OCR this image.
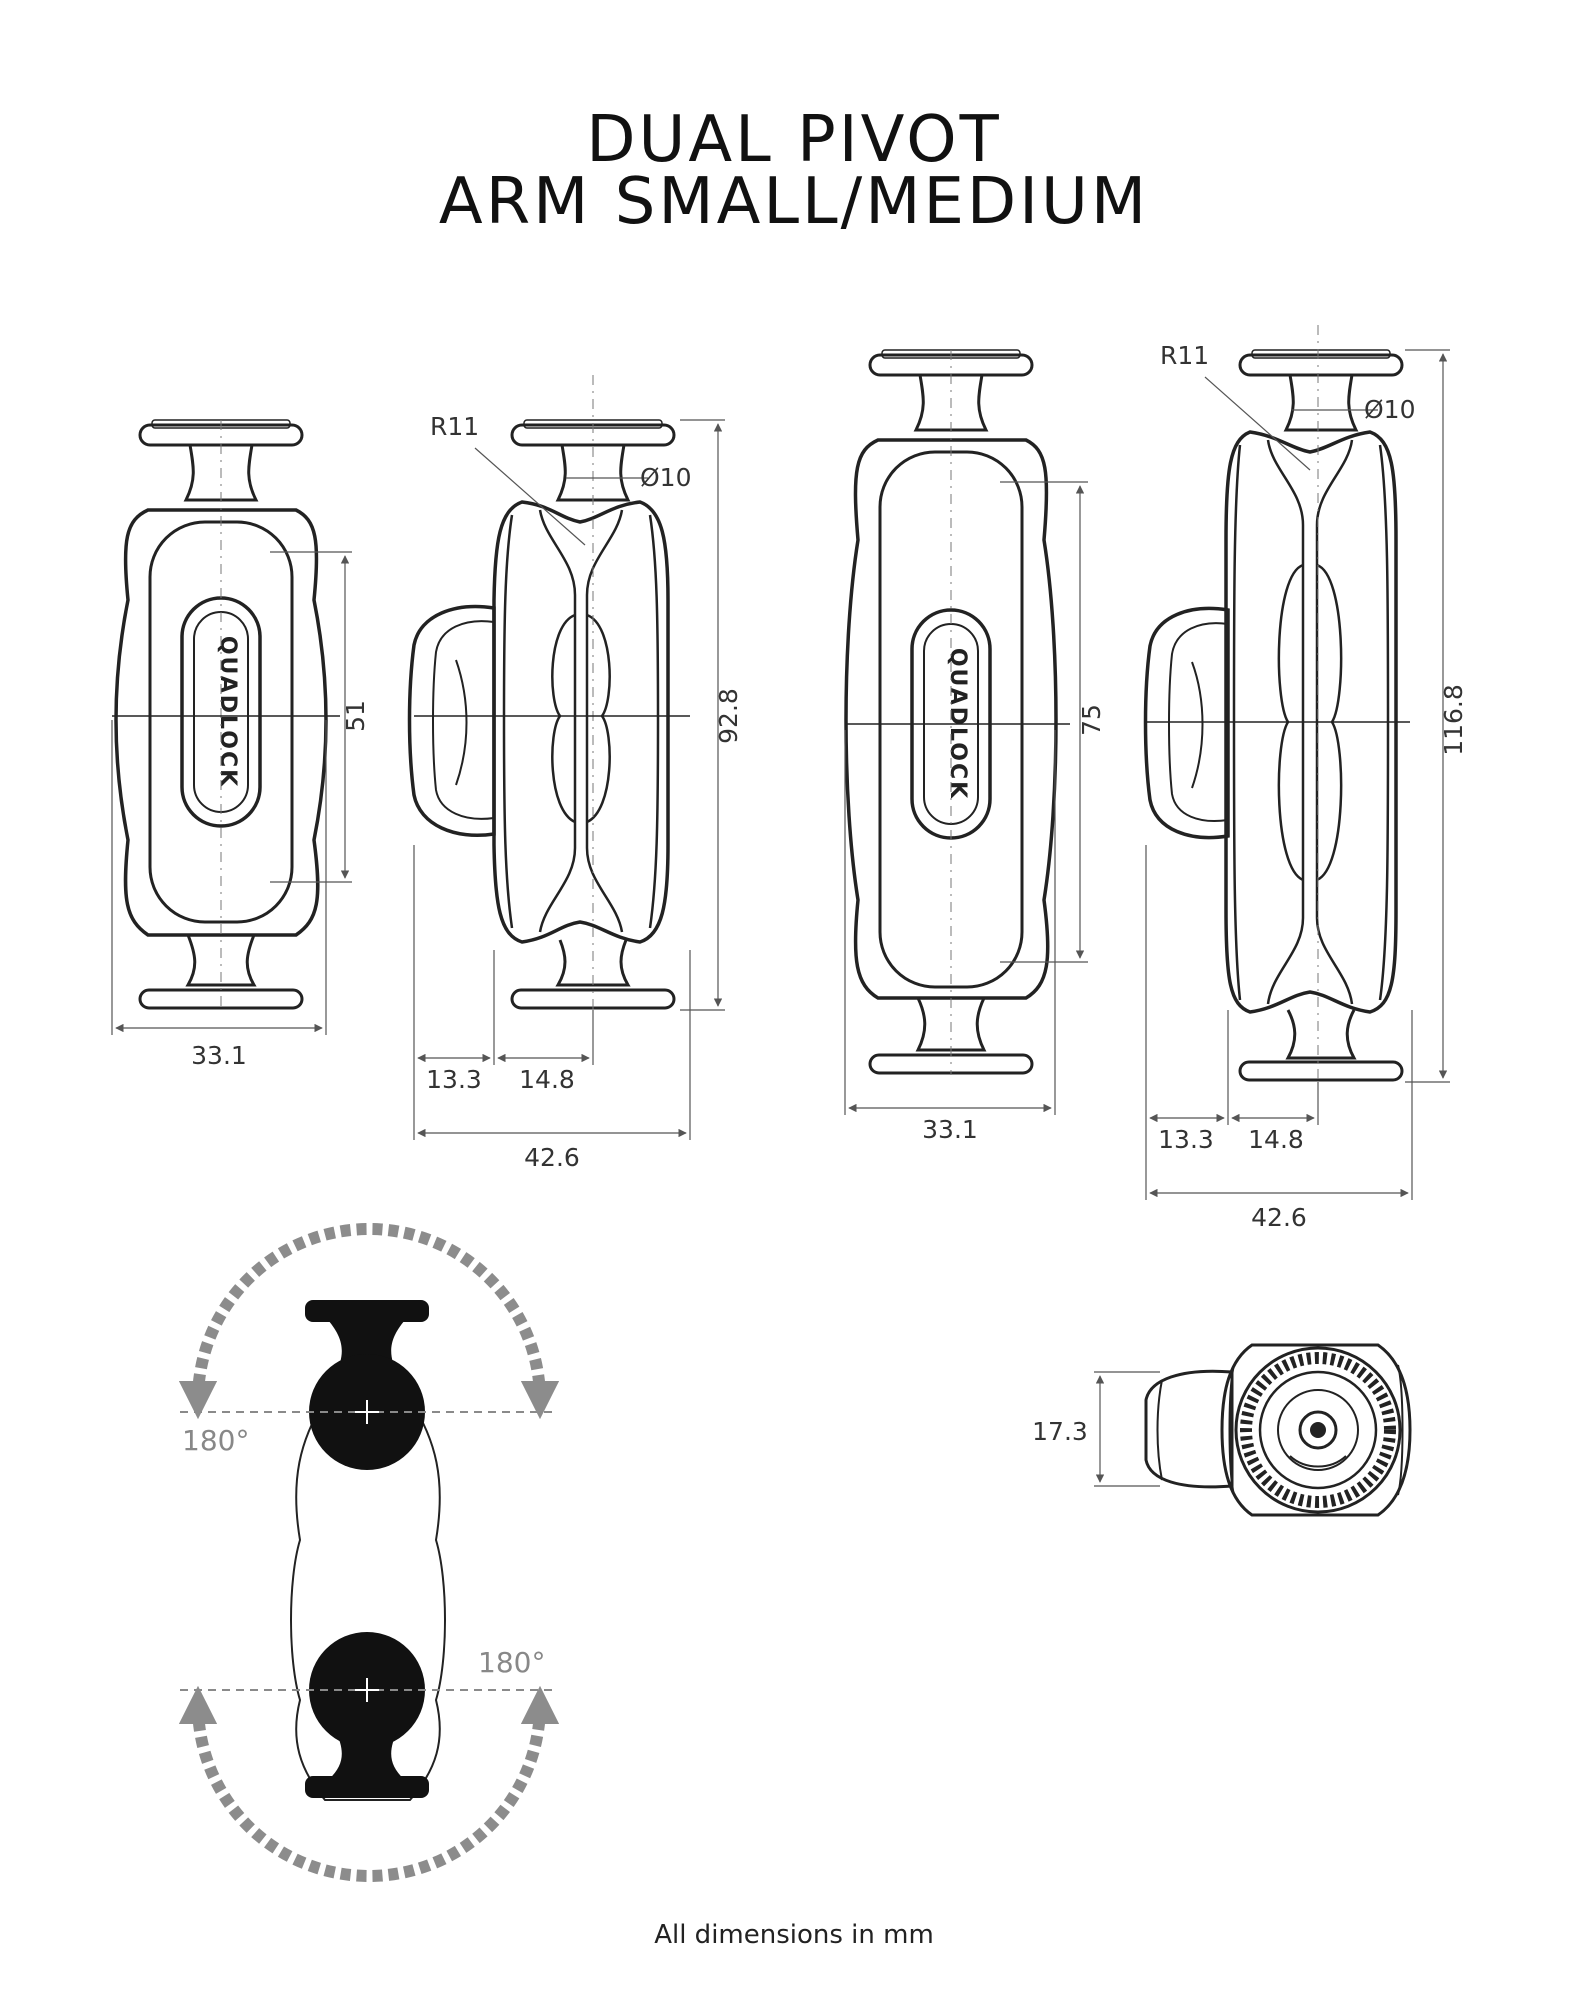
DUAL PIVOT
ARM SMALL/MEDIUM
QUADLOCK	51
33.1
R11
Ø10
92.8
13.3 14.8
42.6
QUADLOCK	75
33.1
R11
Ø10
116.8
13.3 14.8
42.6
180°
180°
17.3
All dimensions in mm
